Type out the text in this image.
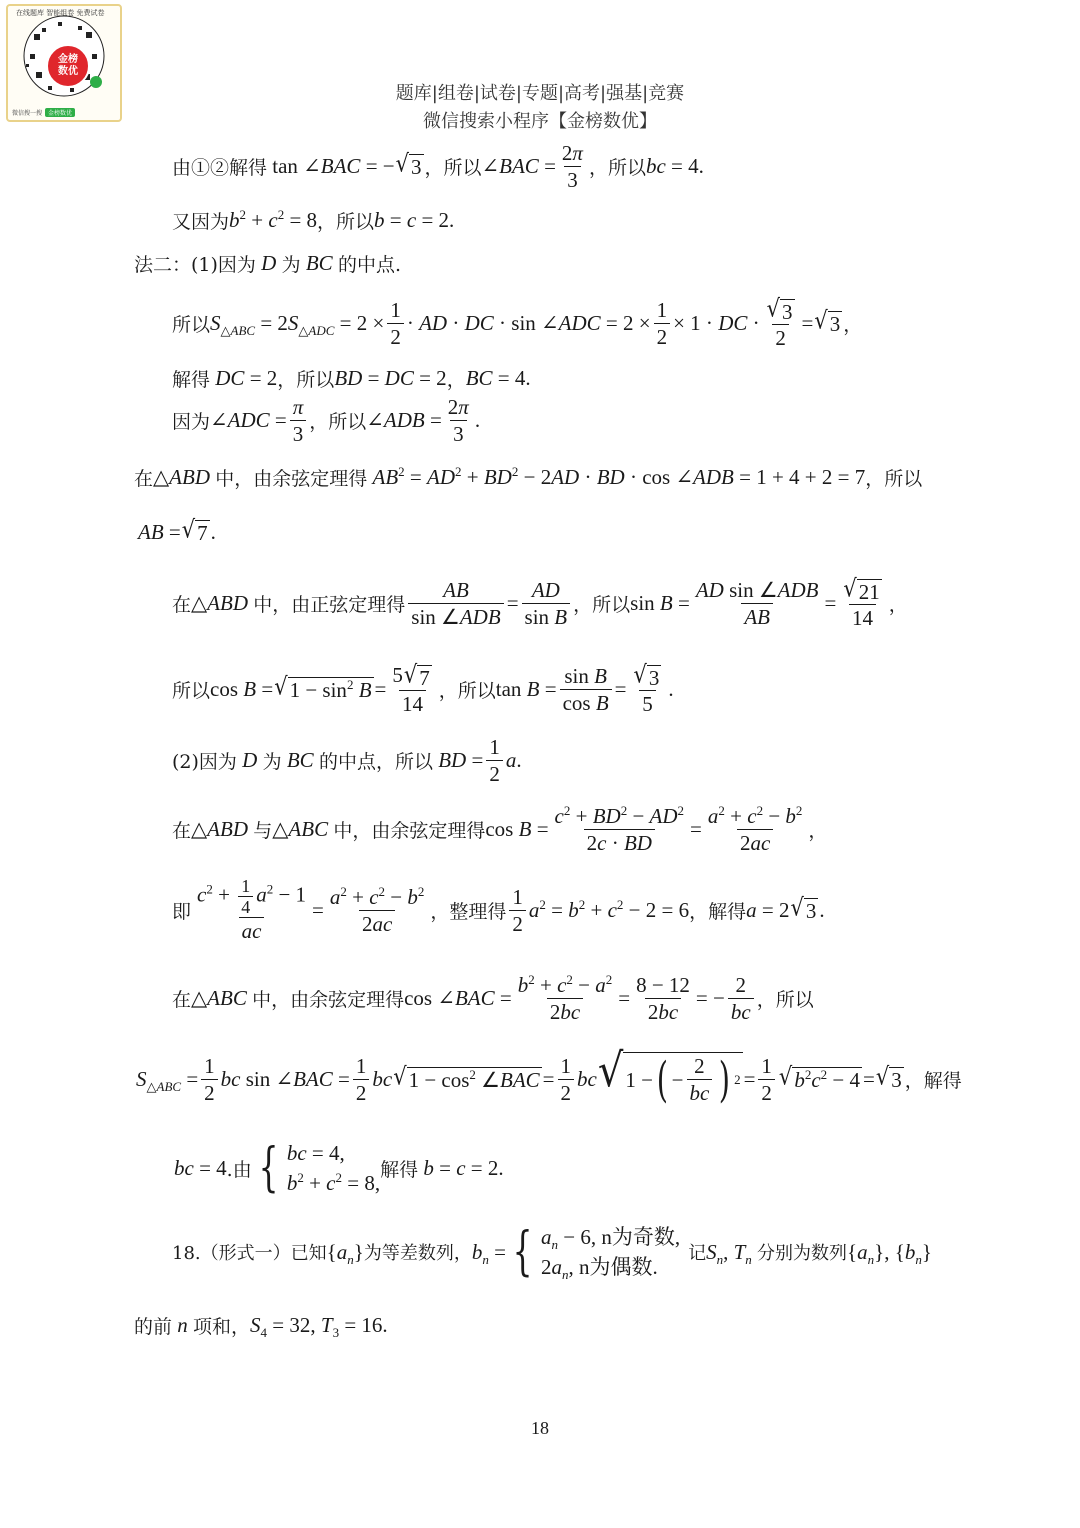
金榜
数优
在线题库 智能组卷 免费试卷
微信搜一搜	金榜数优
题库|组卷|试卷|专题|高考|强基|竞赛
微信搜索小程序【金榜数优】
由①②解得 tan ∠BAC = − √ 3 ，所以 ∠BAC = $\frac{2\pi}{3}$ ，所以 bc = 4.
又因为 $b^2 + c^2 = 8$ ，所以 b = c = 2.
法二：(1)因为 D 为 BC 的中点.
所以 $S_{\triangle ABC} = 2S_{\triangle ADC} = 2 \times \frac{1}{2}$ · AD · DC · sin ∠ADC = $2 \times \frac{1}{2} \times 1$ · DC · $\frac{√ 3}{2}$ = √ 3 ，
解得 DC = 2 ，所以 BD = DC = 2 ， BC = 4.
因为 ∠ADC = $\frac{\pi}{3}$ ，所以 ∠ADB = $\frac{2\pi}{3}$ .
在 △ABD 中，由余弦定理得 $AB^2 = AD^2 + BD^2 - 2AD$ · BD · cos ∠ADB = 1 + 4 + 2 = 7 ，所以
AB = √ 7 .
在 △ABD 中，由正弦定理得 $\frac{AB}{\text{sin ∠ADB}} = \frac{AD}{\text{sin B}}$ ，所以 $\sin B = \frac{\text{AD sin ∠ADB}}{AB} = \frac{√ 21}{14}$ ，
所以 cos B = √ $1 - \sin^2 B = \frac{5 √ 7}{14}$ ，所以 $\tan B = \frac{\text{sin B}}{\text{cos B}} = \frac{√ 3}{5}$ .
(2)因为 D 为 BC 的中点，所以 BD = $\frac{1}{2} a$.
在 △ABD 与 △ABC 中，由余弦定理得 $\cos B = \frac{c^2 + BD^2 - AD^2}{2c \cdot BD} = \frac{a^2 + c^2 - b^2}{2ac}$ ，
即 $\frac{c^2 + \frac{1}{4} a^2 - 1}{ac} = \frac{a^2 + c^2 - b^2}{2ac}$ ，整理得 $\frac{1}{2} a^2 = b^2 + c^2 - 2 = 6$ ，解得 a = 2 √ 3 .
在 △ABC 中，由余弦定理得 cos ∠BAC = $\frac{b^2 + c^2 - a^2}{2bc} = \frac{8 - 12}{2bc}$ = − $\frac{2}{bc}$ ，所以
$S_{\triangle ABC} = \frac{1}{2}$ bc sin ∠BAC = $\frac{1}{2}$ bc √ $1 - \cos^2$ ∠BAC = $\frac{1}{2}$ bc √ 1 − ( − $\frac{2}{bc}$ ) $2 = \frac{1}{2}$ √ $b^2c^2 - 4$ = √ 3 ，解得
bc = 4 .由 { bc = 4,
$b^2 + c^2 = 8$,
解得 b = c = 2.
18.（形式一）已知 $\{a_n\}$ 为等差数列， $b_n$ = { $a_n - 6$, n为奇数,
$2a_n$, n为偶数.
记 $S_n$, $T_n$ 分别为数列 $\{a_n\}$, $\{b_n\}$
的前 n 项和， $S_4 = 32$, $T_3 = 16$.
18
